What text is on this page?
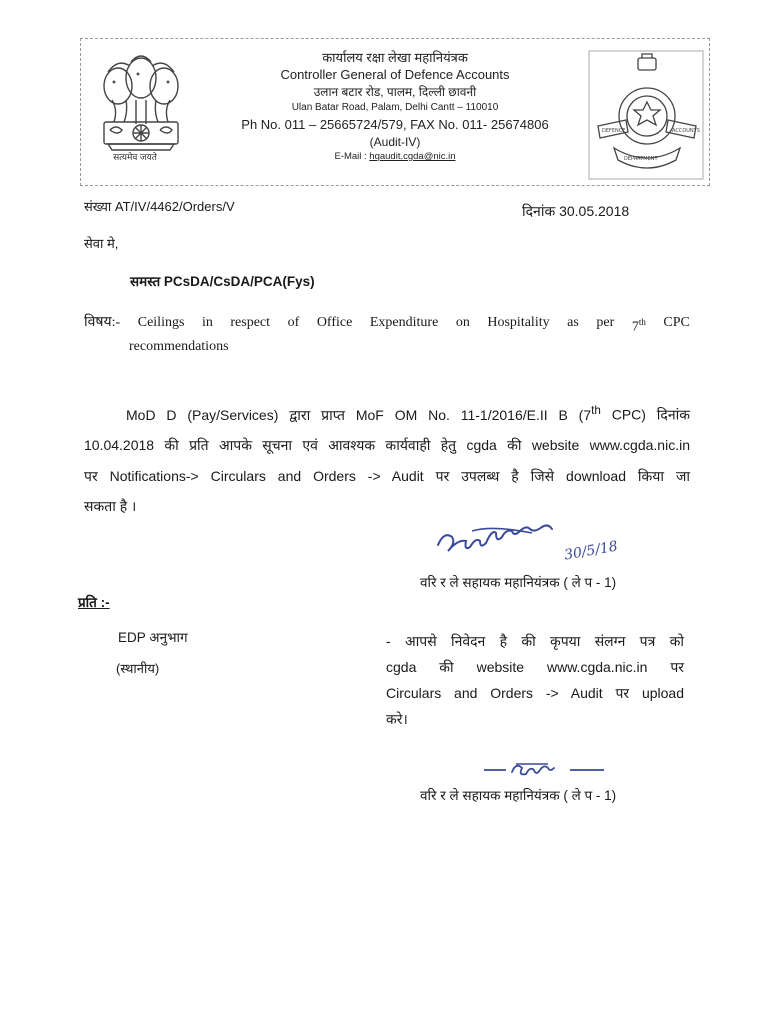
सत्यमेव जयते
कार्यालय रक्षा लेखा महानियंत्रक
Controller General of Defence Accounts
उलान बटार रोड, पालम, दिल्ली छावनी
Ulan Batar Road, Palam, Delhi Cantt – 110010
Ph No. 011 – 25665724/579, FAX No. 011- 25674806
(Audit-IV)
E-Mail : hqaudit.cgda@nic.in
DEFENCE	ACCOUNTS
DEPARTMENT
संख्या AT/IV/4462/Orders/V	दिनांक 30.05.2018
सेवा मे,
समस्त PCsDA/CsDA/PCA(Fys)
विषय:- Ceilings in respect of Office Expenditure on Hospitality as per 7th CPC
recommendations
MoD D (Pay/Services) द्वारा प्राप्त MoF OM No. 11-1/2016/E.II B (7th CPC) दिनांक
10.04.2018 की प्रति आपके सूचना एवं आवश्यक कार्यवाही हेतु cgda की website www.cgda.nic.in
पर Notifications-> Circulars and Orders -> Audit पर उपलब्ध है जिसे download किया जा
सकता है ।
30/5/18
वरि र ले सहायक महानियंत्रक ( ले प - 1)
प्रति :-
EDP अनुभाग
(स्थानीय)
- आपसे निवेदन है की कृपया संलग्न पत्र को
cgda की website www.cgda.nic.in पर
Circulars and Orders -> Audit पर upload
करे।
वरि र ले सहायक महानियंत्रक ( ले प - 1)
